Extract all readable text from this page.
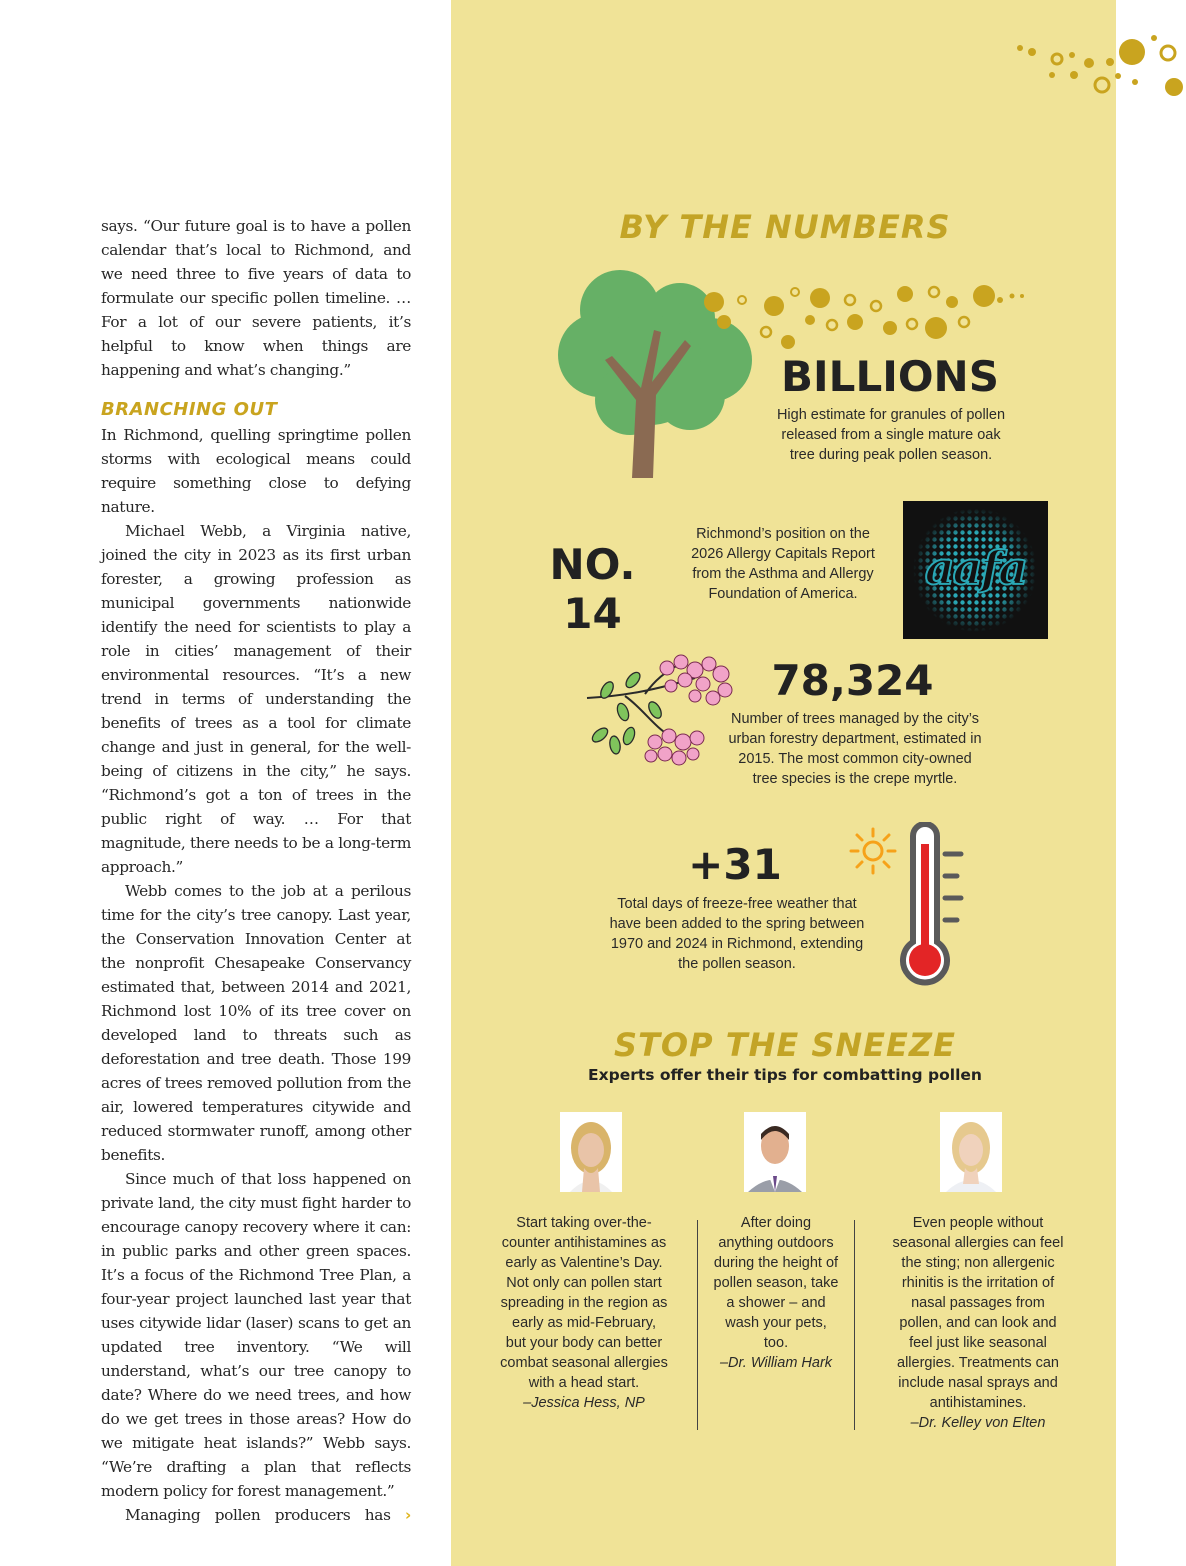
says. “Our future goal is to have a pollen calendar that’s local to Richmond, and we need three to five years of data to formulate our specific pollen timeline. … For a lot of our severe patients, it’s helpful to know when things are happening and what’s changing.”

BRANCHING OUT

In Richmond, quelling springtime pollen storms with ecological means could require something close to defying nature.

Michael Webb, a Virginia native, joined the city in 2023 as its first urban forester, a growing profession as municipal governments nationwide identify the need for scientists to play a role in cities’ management of their environmental resources. “It’s a new trend in terms of understanding the benefits of trees as a tool for climate change and just in general, for the well-being of citizens in the city,” he says. “Richmond’s got a ton of trees in the public right of way. … For that magnitude, there needs to be a long-term approach.”

Webb comes to the job at a perilous time for the city’s tree canopy. Last year, the Conservation Innovation Center at the nonprofit Chesapeake Conservancy estimated that, between 2014 and 2021, Richmond lost 10% of its tree cover on developed land to threats such as deforestation and tree death. Those 199 acres of trees removed pollution from the air, lowered temperatures citywide and reduced stormwater runoff, among other benefits.

Since much of that loss happened on private land, the city must fight harder to encourage canopy recovery where it can: in public parks and other green spaces. It’s a focus of the Richmond Tree Plan, a four-year project launched last year that uses citywide lidar (laser) scans to get an updated tree inventory. “We will understand, what’s our tree canopy to date? Where do we need trees, and how do we get trees in those areas? How do we mitigate heat islands?” Webb says. “We’re drafting a plan that reflects modern policy for forest management.”

Managing pollen producers has ›

BY THE NUMBERS
BILLIONS
High estimate for granules of pollen released from a single mature oak tree during peak pollen season.
NO. 14
Richmond’s position on the 2026 Allergy Capitals Report from the Asthma and Allergy Foundation of America.	aafa
78,324
Number of trees managed by the city’s urban forestry department, estimated in 2015. The most common city-owned tree species is the crepe myrtle.
+31
Total days of freeze-free weather that have been added to the spring between 1970 and 2024 in Richmond, extending the pollen season.
STOP THE SNEEZE
Experts offer their tips for combatting pollen
Start taking over-the-counter antihistamines as early as Valentine’s Day. Not only can pollen start spreading in the region as early as mid-February, but your body can better combat seasonal allergies with a head start.
–Jessica Hess, NP
After doing anything outdoors during the height of pollen season, take a shower – and wash your pets, too.
–Dr. William Hark
Even people without seasonal allergies can feel the sting; non allergenic rhinitis is the irritation of nasal passages from pollen, and can look and feel just like seasonal allergies. Treatments can include nasal sprays and antihistamines.
–Dr. Kelley von Elten
